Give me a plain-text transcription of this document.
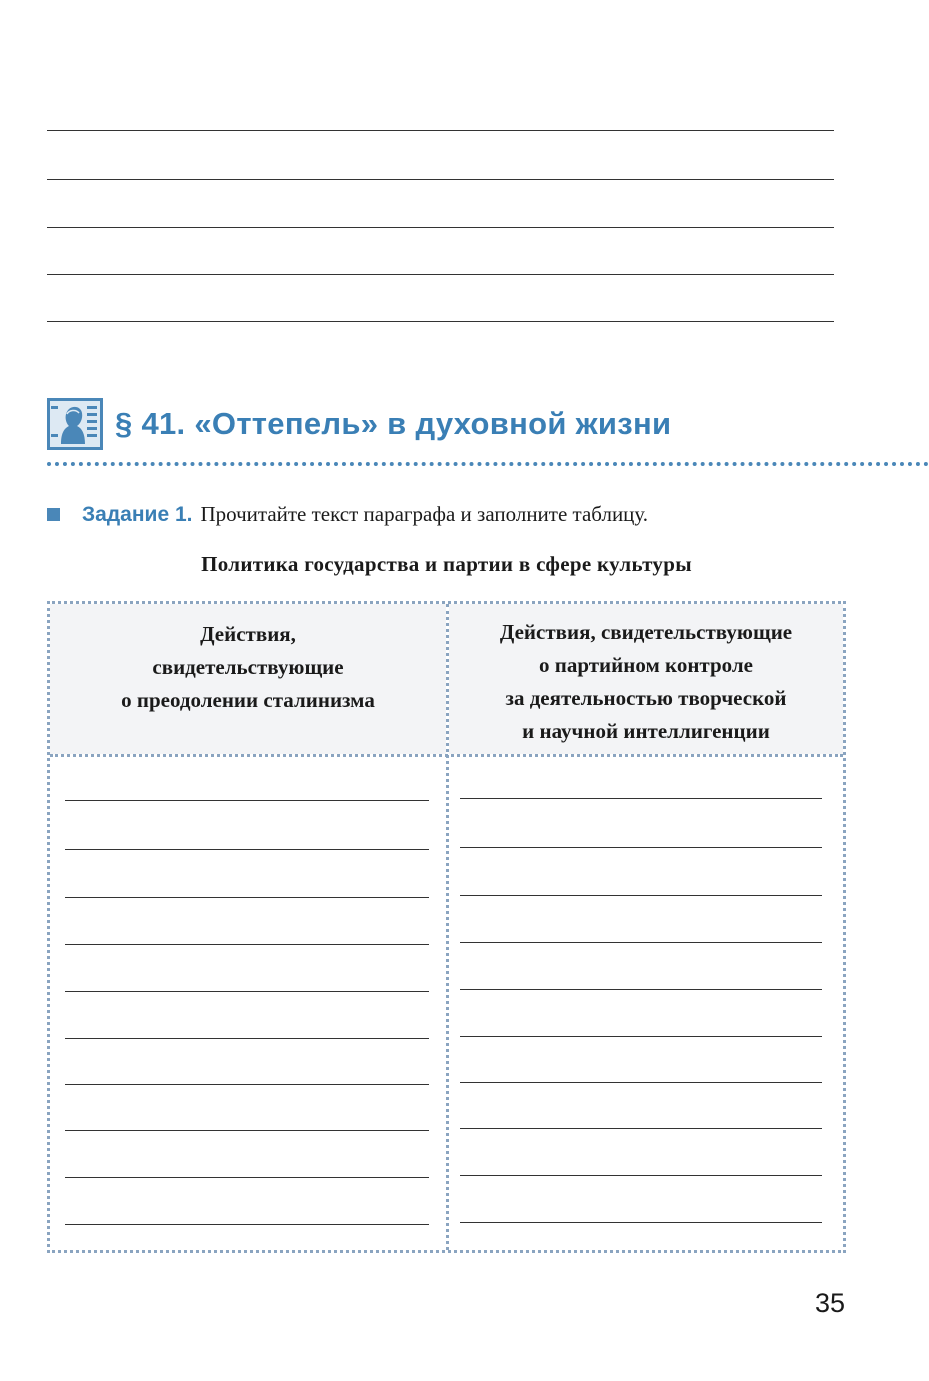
§ 41. «Оттепель» в духовной жизни
Задание 1. Прочитайте текст параграфа и заполните таблицу.
Политика государства и партии в сфере культуры
Действия,
свидетельствующие
о преодолении сталинизма
Действия, свидетельствующие
о партийном контроле
за деятельностью творческой
и научной интеллигенции
35
